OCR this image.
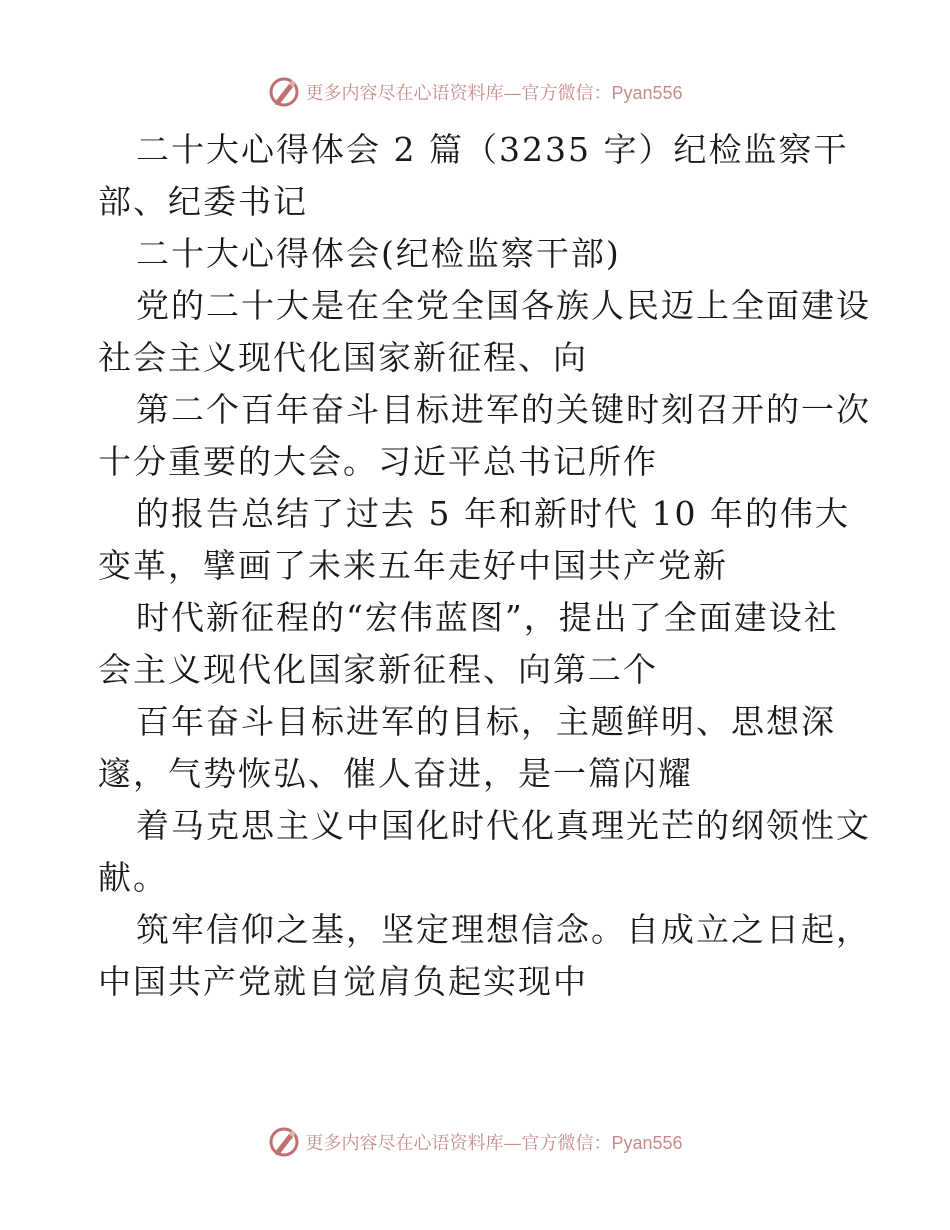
更多内容尽在心语资料库—官方微信：Pyan556
二十大心得体会 2 篇（3235 字）纪检监察干
部、纪委书记
二十大心得体会(纪检监察干部)
党的二十大是在全党全国各族人民迈上全面建设
社会主义现代化国家新征程、向
第二个百年奋斗目标进军的关键时刻召开的一次
十分重要的大会。习近平总书记所作
的报告总结了过去 5 年和新时代 10 年的伟大
变革，擘画了未来五年走好中国共产党新
时代新征程的“宏伟蓝图”，提出了全面建设社
会主义现代化国家新征程、向第二个
百年奋斗目标进军的目标，主题鲜明、思想深
邃，气势恢弘、催人奋进，是一篇闪耀
着马克思主义中国化时代化真理光芒的纲领性文
献。
筑牢信仰之基，坚定理想信念。自成立之日起，
中国共产党就自觉肩负起实现中
更多内容尽在心语资料库—官方微信：Pyan556
